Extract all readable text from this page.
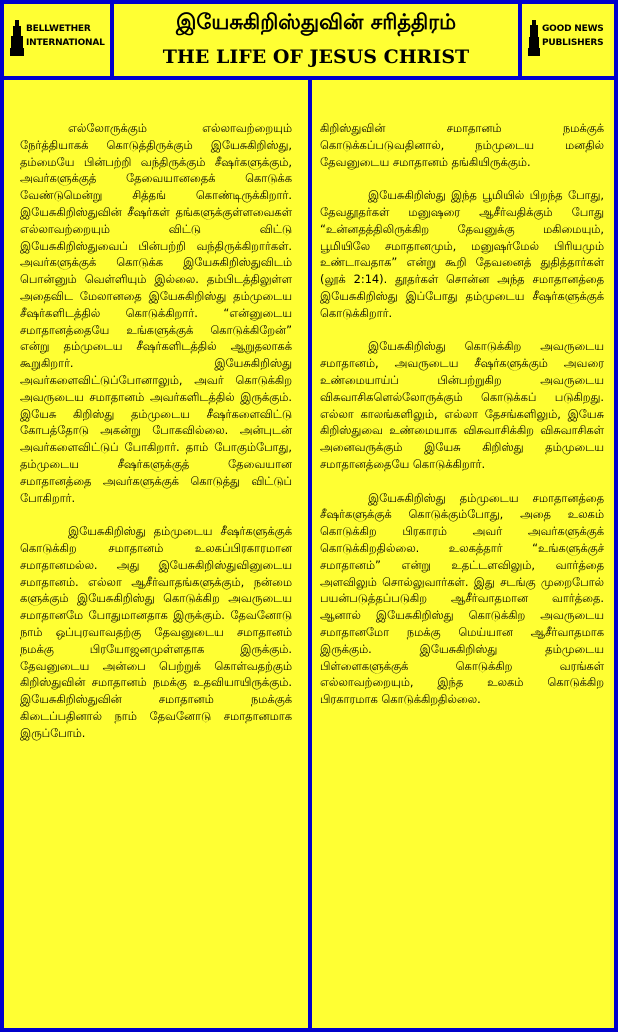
BELLWETHER
INTERNATIONAL
இயேசுகிறிஸ்துவின் சரித்திரம்
THE LIFE OF JESUS CHRIST
GOOD NEWS
PUBLISHERS

எல்லோருக்கும் எல்லாவற்றையும் நேர்த்தியாகக் கொடுத்திருக்கும் இயேசுகிறிஸ்து, தம்மையே பின்பற்றி வந்திருக்கும் சீஷர்களுக்கும், அவர்களுக்குத் தேவையானதைக் கொடுக்க வேண்டுமென்று சித்தங் கொண்டிருக்கிறார். இயேசுகிறிஸ்துவின் சீஷர்கள் தங்களுக்குள்ளவைகள் எல்லாவற்றையும் விட்டு விட்டு இயேசுகிறிஸ்துவைப் பின்பற்றி வந்திருக்கிறார்கள். அவர்களுக்குக் கொடுக்க இயேசுகிறிஸ்துவிடம் பொன்னும் வெள்ளியும் இல்லை. தம்பிடத்திலுள்ள அதைவிட மேலானதை இயேசுகிறிஸ்து தம்முடைய சீஷர்களிடத்தில் கொடுக்கிறார். “என்னுடைய சமாதானத்தையே உங்களுக்குக் கொடுக்கிறேன்” என்று தம்முடைய சீஷர்களிடத்தில் ஆறுதலாகக் கூறுகிறார். இயேசுகிறிஸ்து அவர்களைவிட்டுப்போனாலும், அவர் கொடுக்கிற அவருடைய சமாதானம் அவர்களிடத்தில் இருக்கும். இயேசு கிறிஸ்து தம்முடைய சீஷர்களைவிட்டு கோபத்தோடு அகன்று போகவில்லை. அன்புடன் அவர்களைவிட்டுப் போகிறார். தாம் போகும்போது, தம்முடைய சீஷர்களுக்குத் தேவையான சமாதானத்தை அவர்களுக்குக் கொடுத்து விட்டுப் போகிறார்.

இயேசுகிறிஸ்து தம்முடைய சீஷர்களுக்குக் கொடுக்கிற சமாதானம் உலகப்பிரகாரமான சமாதானமல்ல. அது இயேசுகிறிஸ்துவினுடைய சமாதானம். எல்லா ஆசீர்வாதங்களுக்கும், நன்மை களுக்கும் இயேசுகிறிஸ்து கொடுக்கிற அவருடைய சமாதானமே போதுமானதாக இருக்கும். தேவனோடு நாம் ஒப்புரவாவதற்கு தேவனுடைய சமாதானம் நமக்கு பிரயோஜனமுள்ளதாக இருக்கும். தேவனுடைய அன்பை பெற்றுக் கொள்வதற்கும் கிறிஸ்துவின் சமாதானம் நமக்கு உதவியாயிருக்கும். இயேசுகிறிஸ்துவின் சமாதானம் நமக்குக் கிடைப்பதினால் நாம் தேவனோடு சமாதானமாக இருப்போம்.

கிறிஸ்துவின் சமாதானம் நமக்குக் கொடுக்கப்படுவதினால், நம்முடைய மனதில் தேவனுடைய சமாதானம் தங்கியிருக்கும்.

இயேசுகிறிஸ்து இந்த பூமியில் பிறந்த போது, தேவதூதர்கள் மனுஷரை ஆசீர்வதிக்கும் போது “உன்னதத்திலிருக்கிற தேவனுக்கு மகிமையும், பூமியிலே சமாதானமும், மனுஷர்மேல் பிரியமும் உண்டாவதாக” என்று கூறி தேவனைத் துதித்தார்கள் (லூக் 2:14). தூதர்கள் சொன்ன அந்த சமாதானத்தை இயேசுகிறிஸ்து இப்போது தம்முடைய சீஷர்களுக்குக் கொடுக்கிறார்.

இயேசுகிறிஸ்து கொடுக்கிற அவருடைய சமாதானம், அவருடைய சீஷர்களுக்கும் அவரை உண்மையாய்ப் பின்பற்றுகிற அவருடைய விசுவாசிகளெல்லோருக்கும் கொடுக்கப் படுகிறது. எல்லா காலங்களிலும், எல்லா தேசங்களிலும், இயேசு கிறிஸ்துவை உண்மையாக விசுவாசிக்கிற விசுவாசிகள் அனைவருக்கும் இயேசு கிறிஸ்து தம்முடைய சமாதானத்தையே கொடுக்கிறார்.

இயேசுகிறிஸ்து தம்முடைய சமாதானத்தை சீஷர்களுக்குக் கொடுக்கும்போது, அதை உலகம் கொடுக்கிற பிரகாரம் அவர் அவர்களுக்குக் கொடுக்கிறதில்லை. உலகத்தார் “உங்களுக்குச் சமாதானம்” என்று உதட்டளவிலும், வார்த்தை அளவிலும் சொல்லுவார்கள். இது சடங்கு முறைபோல் பயன்படுத்தப்படுகிற ஆசீர்வாதமான வார்த்தை. ஆனால் இயேசுகிறிஸ்து கொடுக்கிற அவருடைய சமாதானமோ நமக்கு மெய்யான ஆசீர்வாதமாக இருக்கும். இயேசுகிறிஸ்து தம்முடைய பிள்ளைகளுக்குக் கொடுக்கிற வரங்கள் எல்லாவற்றையும், இந்த உலகம் கொடுக்கிற பிரகாரமாக கொடுக்கிறதில்லை.
